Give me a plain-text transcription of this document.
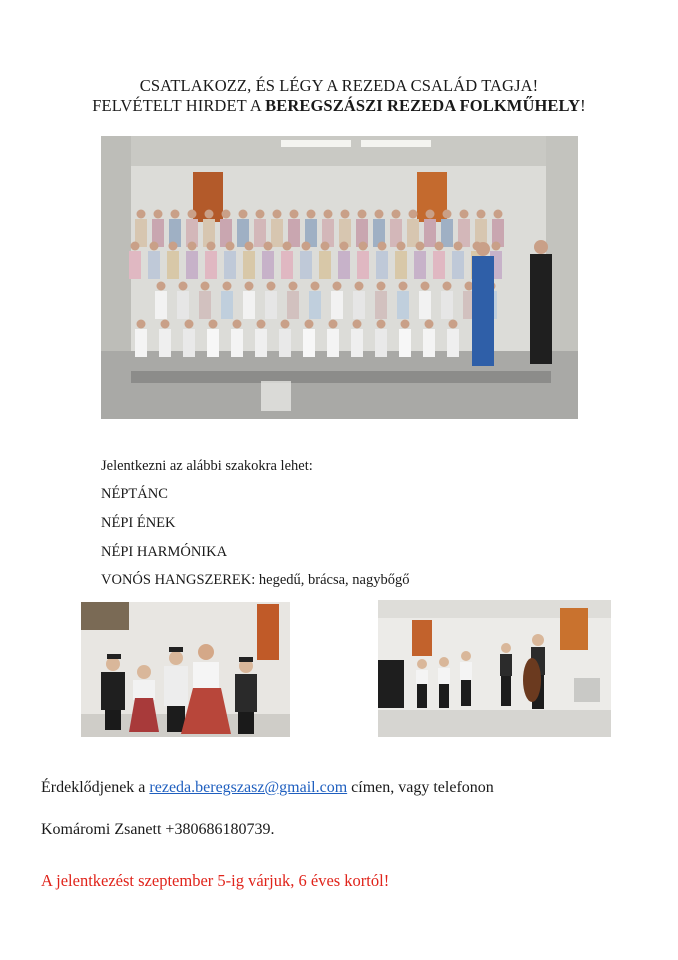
CSATLAKOZZ, ÉS LÉGY A REZEDA CSALÁD TAGJA!
FELVÉTELT HIRDET A BEREGSZÁSZI REZEDA FOLKMŰHELY!
Jelentkezni az alábbi szakokra lehet:
NÉPTÁNC
NÉPI ÉNEK
NÉPI HARMÓNIKA
VONÓS HANGSZEREK: hegedű, brácsa, nagybőgő
Érdeklődjenek a rezeda.beregszasz@gmail.com címen, vagy telefonon
Komáromi Zsanett +380686180739.
A jelentkezést szeptember 5-ig várjuk, 6 éves kortól!
